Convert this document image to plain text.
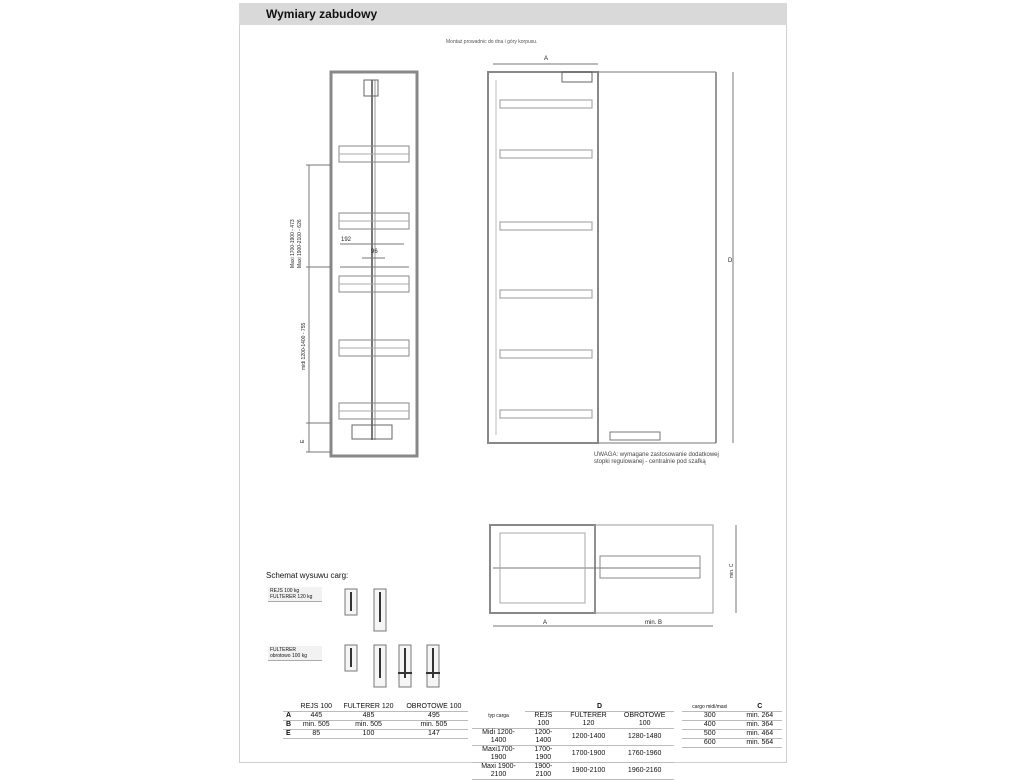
Wymiary zabudowy
Montaż prowadnic do dna i góry korpusu.
192
96
Maxi 1700-1900 - 473 Maxi 1900-2100 - 626
midi 1200-1400 - 755
E
A
D
A	min. B
min. C
UWAGA: wymagane zastosowanie dodatkowej stopki regulowanej - centralnie pod szafką
Schemat wysuwu carg:
REJS 100 kg
FULTERER 120 kg
FULTERER
obrotowo 100 kg
	REJS 100	FULTERER 120	OBROTOWE 100
A	445	485	495
B	min. 505	min. 505	min. 505
E	85	100	147
typ carga	D		
	REJS 100	FULTERER 120	OBROTOWE 100
Midi 1200-1400	1200-1400	1200-1400	1280-1480
Maxi1700-1900	1700-1900	1700-1900	1760-1960
Maxi 1900-2100	1900-2100	1900-2100	1960-2160
cargo midi/maxi	C
300	min. 264
400	min. 364
500	min. 464
600	min. 564
